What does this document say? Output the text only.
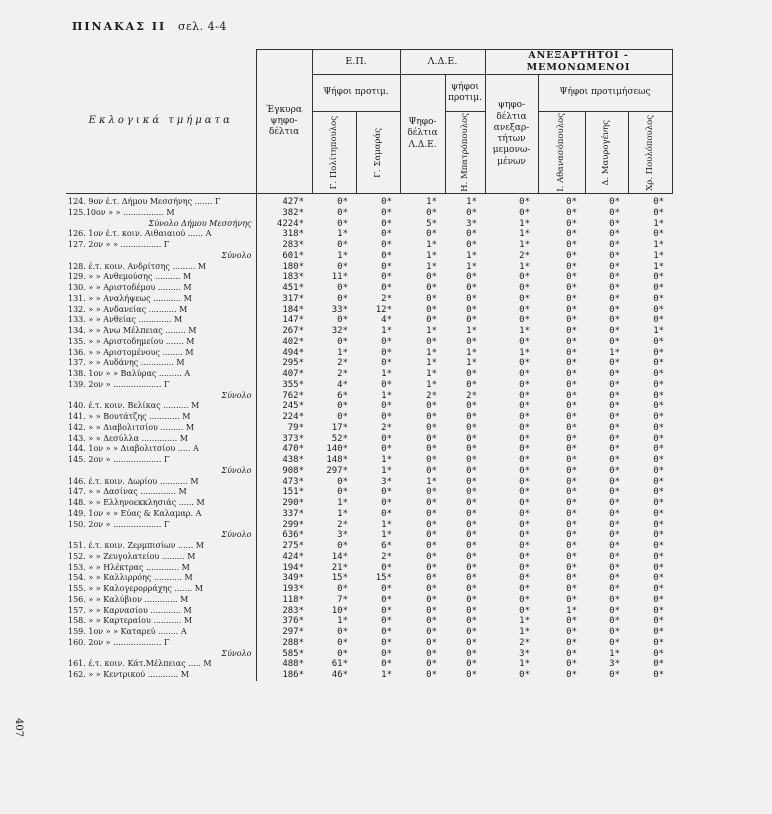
ΠΙΝΑΚΑΣ ΙΙ σελ. 4-4
407
Εκλογικά τμήματα	Έγκυρα ψηφο-δέλτια	Ε.Π.		Λ.Δ.Ε.		ΑΝΕΞΑΡΤΗΤΟΙ - ΜΕΜΟΝΩΜΕΝΟΙ			
		Ψήφοι προτιμ.		Ψηφο-δέλτια Λ.Δ.Ε.	ψήφοι προτιμ.	ψηφο-δέλτια ανεξαρ-τήτων μεμονω-μένων	Ψήφοι προτιμήσεως		

		Γ. Πολίτηπουλος	Γ. Σαμαράς		Η. Μπατρόπουλος		Ι. Αθανασόπουλος	Δ. Μαυρογένης	Χρ. Πουλόπουλος

124. 9ον έ.τ. Δήμου Μεσσήνης ....... Γ	427*	0*	0*	1*	1*	0*	0*	0*	0*
125.10ον » » ................ Μ	382*	0*	0*	0*	0*	0*	0*	0*	0*
Σύνολο Δήμου Μεσσήνης	4224*	0*	0*	5*	3*	1*	0*	0*	1*
126. 1ον έ.τ. κοιν. Αιθαιαιού ...... Α	318*	1*	0*	0*	0*	1*	0*	0*	0*
127. 2ον » » ................ Γ	283*	0*	0*	1*	0*	1*	0*	0*	1*
Σύνολο	601*	1*	0*	1*	1*	2*	0*	0*	1*
128. έ.τ. κοιν. Ανδρίτσης ......... Μ	180*	0*	0*	1*	1*	1*	0*	0*	1*
129. » » Ανθεμούσης .......... Μ	183*	11*	0*	0*	0*	0*	0*	0*	0*
130. » » Αριστοδέμου ......... Μ	451*	0*	0*	0*	0*	0*	0*	0*	0*
131. » » Αναλήψεως ........... Μ	317*	0*	2*	0*	0*	0*	0*	0*	0*
132. » » Ανδανείας ........... Μ	184*	33*	12*	0*	0*	0*	0*	0*	0*
133. » » Ανθείας ............. Μ	147*	0*	4*	0*	0*	0*	0*	0*	0*
134. » » Άνω Μέλπειας ........ Μ	267*	32*	1*	1*	1*	1*	0*	0*	1*
135. » » Αριστοδημείου ....... Μ	402*	0*	0*	0*	0*	0*	0*	0*	0*
136. » » Αριστομένους ........ Μ	494*	1*	0*	1*	1*	1*	0*	1*	0*
137. » » Αυδάνης ............. Μ	295*	2*	0*	1*	1*	0*	0*	0*	0*
138. 1ον » » Βαλύρας ......... Α	407*	2*	1*	1*	0*	0*	0*	0*	0*
139. 2ον » ................... Γ	355*	4*	0*	1*	0*	0*	0*	0*	0*
Σύνολο	762*	6*	1*	2*	2*	0*	0*	0*	0*
140. έ.τ. κοιν. Βελίκας .......... Μ	245*	0*	0*	0*	0*	0*	0*	0*	0*
141. » » Βουτάτζης ............ Μ	224*	0*	0*	0*	0*	0*	0*	0*	0*
142. » » Διαβολιτσίου ......... Μ	79*	17*	2*	0*	0*	0*	0*	0*	0*
143. » » Δεσύλλα .............. Μ	373*	52*	0*	0*	0*	0*	0*	0*	0*
144. 1ον » » Διαβολιτσίου ..... Α	470*	140*	0*	0*	0*	0*	0*	0*	0*
145. 2ον » ................... Γ	438*	148*	1*	0*	0*	0*	0*	0*	0*
Σύνολο	908*	297*	1*	0*	0*	0*	0*	0*	0*
146. έ.τ. κοιν. Δωρίου ........... Μ	473*	0*	3*	1*	0*	0*	0*	0*	0*
147. » » Δασίνας .............. Μ	151*	0*	0*	0*	0*	0*	0*	0*	0*
148. » » Ελληνοεκκλησιάς ...... Μ	290*	1*	0*	0*	0*	0*	0*	0*	0*
149. 1ον » » Εύας & Καλαμαρ. Α	337*	1*	0*	0*	0*	0*	0*	0*	0*
150. 2ον » ................... Γ	299*	2*	1*	0*	0*	0*	0*	0*	0*
Σύνολο	636*	3*	1*	0*	0*	0*	0*	0*	0*
151. έ.τ. κοιν. Ζερμπισίων ...... Μ	275*	0*	6*	0*	0*	0*	0*	0*	0*
152. » » Ζευγολατείου ......... Μ	424*	14*	2*	0*	0*	0*	0*	0*	0*
153. » » Ηλέκτρας ............. Μ	194*	21*	0*	0*	0*	0*	0*	0*	0*
154. » » Καλλιρρόης ........... Μ	349*	15*	15*	0*	0*	0*	0*	0*	0*
155. » » Καλογερορράχης ....... Μ	193*	0*	0*	0*	0*	0*	0*	0*	0*
156. » » Καλύβιον ............. Μ	118*	7*	0*	0*	0*	0*	0*	0*	0*
157. » » Καρνασίου ............ Μ	283*	10*	0*	0*	0*	0*	1*	0*	0*
158. » » Καρτεραίου ........... Μ	376*	1*	0*	0*	0*	1*	0*	0*	0*
159. 1ον » » Καταρεύ ........ Α	297*	0*	0*	0*	0*	1*	0*	0*	0*
160. 2ον » ................... Γ	288*	0*	0*	0*	0*	2*	0*	0*	0*
Σύνολο	585*	0*	0*	0*	0*	3*	0*	1*	0*
161. έ.τ. κοιν. Κάτ.Μέλπειας ..... Μ	488*	61*	0*	0*	0*	1*	0*	3*	0*
162. » » Κεντρικού ............ Μ	186*	46*	1*	0*	0*	0*	0*	0*	0*
